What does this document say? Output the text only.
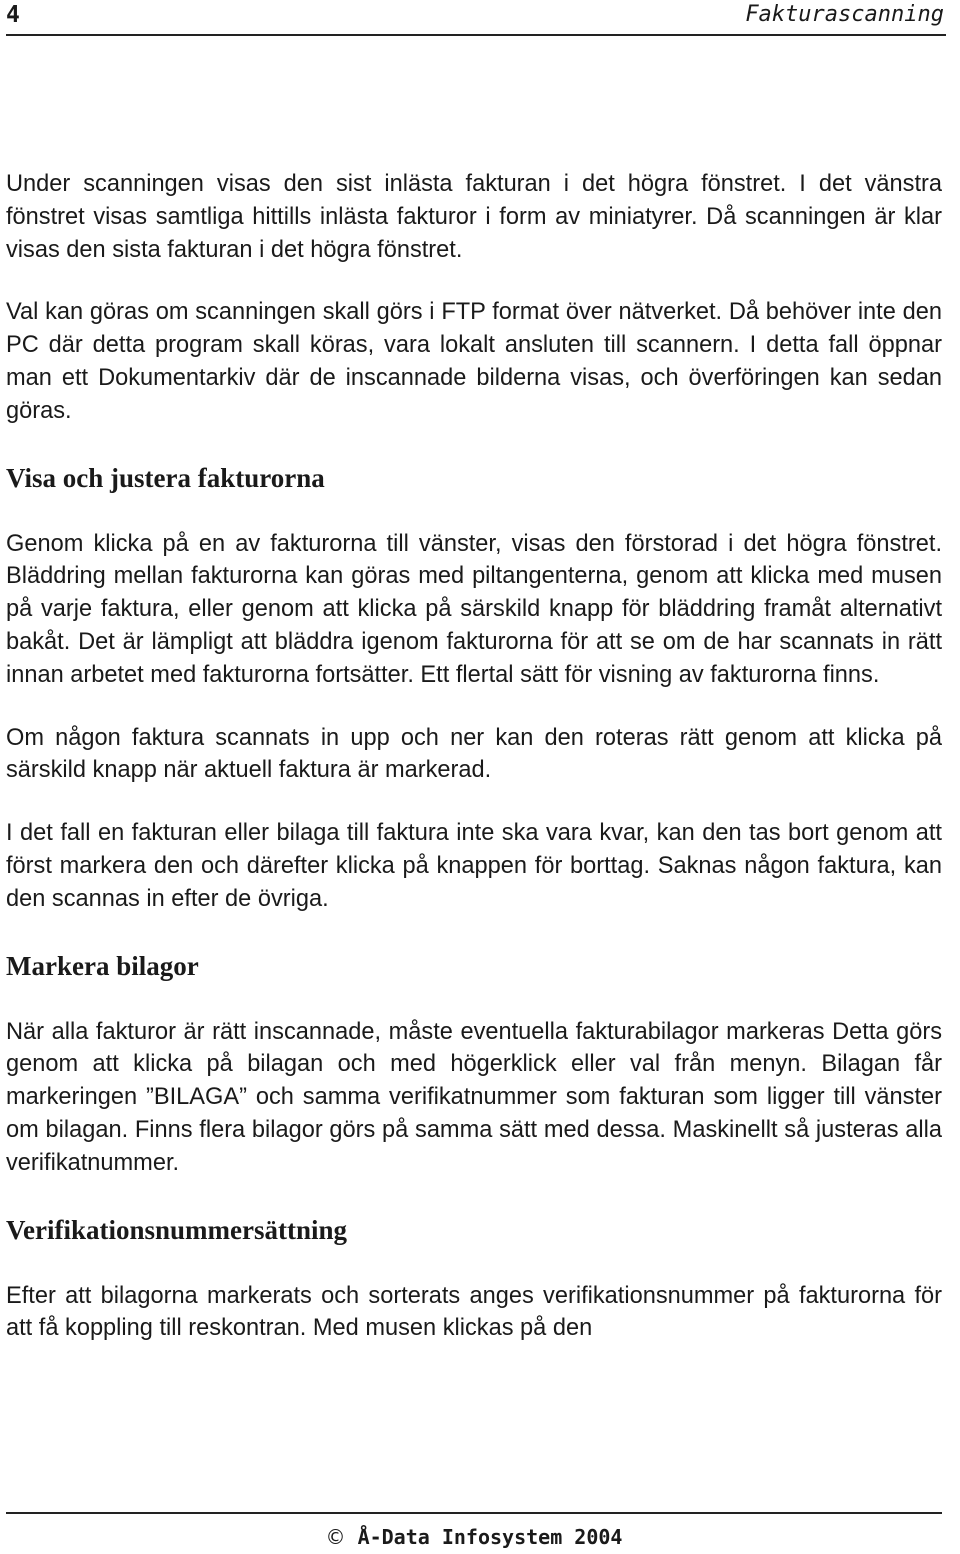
4	Fakturascanning

Under scanningen visas den sist inlästa fakturan i det högra fönstret. I det vänstra fönstret visas samtliga hittills inlästa fakturor i form av miniatyrer. Då scanningen är klar visas den sista fakturan i det högra fönstret.

Val kan göras om scanningen skall görs i FTP format över nätverket. Då behöver inte den PC där detta program skall köras, vara lokalt ansluten till scannern. I detta fall öppnar man ett Dokumentarkiv där de inscannade bilderna visas, och överföringen kan sedan göras.

Visa och justera fakturorna

Genom klicka på en av fakturorna till vänster, visas den förstorad i det högra fönstret. Bläddring mellan fakturorna kan göras med piltangenterna, genom att klicka med musen på varje faktura, eller genom att klicka på särskild knapp för bläddring framåt alternativt bakåt. Det är lämpligt att bläddra igenom fakturorna för att se om de har scannats in rätt innan arbetet med fakturorna fortsätter. Ett flertal sätt för visning av fakturorna finns.

Om någon faktura scannats in upp och ner kan den roteras rätt genom att klicka på särskild knapp när aktuell faktura är markerad.

I det fall en fakturan eller bilaga till faktura inte ska vara kvar, kan den tas bort genom att först markera den och därefter klicka på knappen för borttag. Saknas någon faktura, kan den scannas in efter de övriga.

Markera bilagor

När alla fakturor är rätt inscannade, måste eventuella fakturabilagor markeras Detta görs genom att klicka på bilagan och med högerklick eller val från menyn. Bilagan får markeringen ”BILAGA” och samma verifikatnummer som fakturan som ligger till vänster om bilagan. Finns flera bilagor görs på samma sätt med dessa. Maskinellt så justeras alla verifikatnummer.

Verifikationsnummersättning

Efter att bilagorna markerats och sorterats anges verifikationsnummer på fakturorna för att få koppling till reskontran. Med musen klickas på den

© Å-Data Infosystem 2004
